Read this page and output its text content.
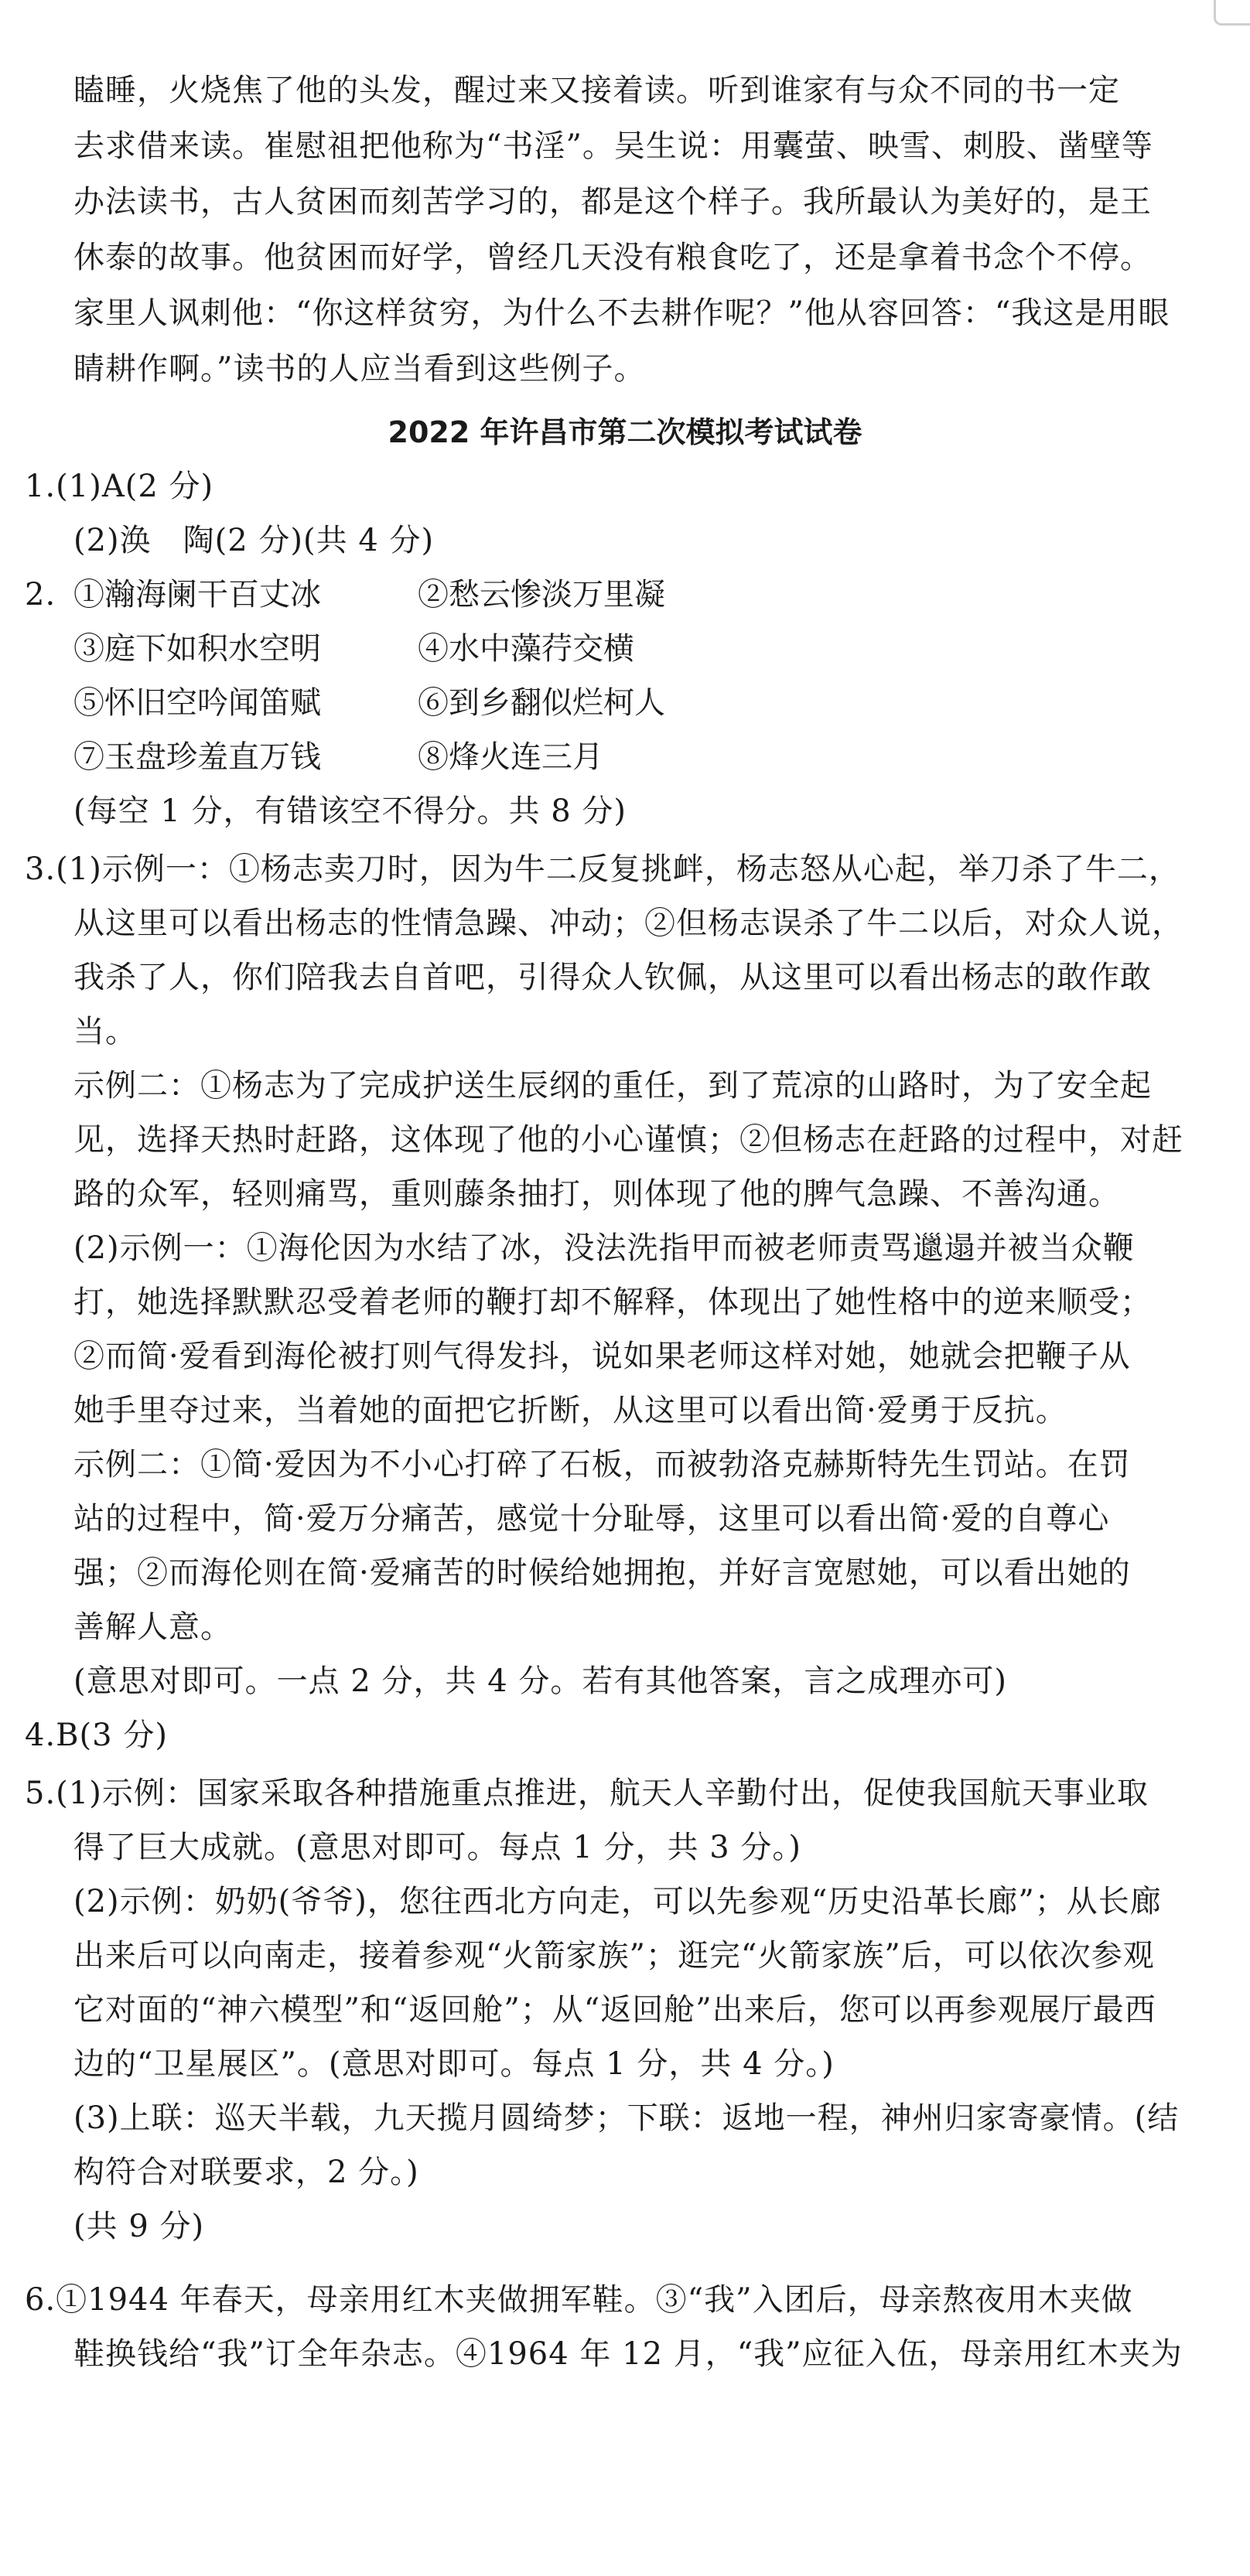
瞌睡，火烧焦了他的头发，醒过来又接着读。听到谁家有与众不同的书一定
去求借来读。崔慰祖把他称为“书淫”。吴生说：用囊萤、映雪、刺股、凿壁等
办法读书，古人贫困而刻苦学习的，都是这个样子。我所最认为美好的，是王
休泰的故事。他贫困而好学，曾经几天没有粮食吃了，还是拿着书念个不停。
家里人讽刺他：“你这样贫穷，为什么不去耕作呢？”他从容回答：“我这是用眼
睛耕作啊。”读书的人应当看到这些例子。
2022 年许昌市第二次模拟考试试卷
1.(1)A(2 分)
(2)涣　陶(2 分)(共 4 分)
2. ①瀚海阑干百丈冰	②愁云惨淡万里凝
③庭下如积水空明	④水中藻荇交横
⑤怀旧空吟闻笛赋	⑥到乡翻似烂柯人
⑦玉盘珍羞直万钱	⑧烽火连三月
(每空 1 分，有错该空不得分。共 8 分)
3.(1)示例一：①杨志卖刀时，因为牛二反复挑衅，杨志怒从心起，举刀杀了牛二，
从这里可以看出杨志的性情急躁、冲动；②但杨志误杀了牛二以后，对众人说，
我杀了人，你们陪我去自首吧，引得众人钦佩，从这里可以看出杨志的敢作敢
当。
示例二：①杨志为了完成护送生辰纲的重任，到了荒凉的山路时，为了安全起
见，选择天热时赶路，这体现了他的小心谨慎；②但杨志在赶路的过程中，对赶
路的众军，轻则痛骂，重则藤条抽打，则体现了他的脾气急躁、不善沟通。
(2)示例一：①海伦因为水结了冰，没法洗指甲而被老师责骂邋遢并被当众鞭
打，她选择默默忍受着老师的鞭打却不解释，体现出了她性格中的逆来顺受；
②而简·爱看到海伦被打则气得发抖，说如果老师这样对她，她就会把鞭子从
她手里夺过来，当着她的面把它折断，从这里可以看出简·爱勇于反抗。
示例二：①简·爱因为不小心打碎了石板，而被勃洛克赫斯特先生罚站。在罚
站的过程中，简·爱万分痛苦，感觉十分耻辱，这里可以看出简·爱的自尊心
强；②而海伦则在简·爱痛苦的时候给她拥抱，并好言宽慰她，可以看出她的
善解人意。
(意思对即可。一点 2 分，共 4 分。若有其他答案，言之成理亦可)
4.B(3 分)
5.(1)示例：国家采取各种措施重点推进，航天人辛勤付出，促使我国航天事业取
得了巨大成就。(意思对即可。每点 1 分，共 3 分。)
(2)示例：奶奶(爷爷)，您往西北方向走，可以先参观“历史沿革长廊”；从长廊
出来后可以向南走，接着参观“火箭家族”；逛完“火箭家族”后，可以依次参观
它对面的“神六模型”和“返回舱”；从“返回舱”出来后，您可以再参观展厅最西
边的“卫星展区”。(意思对即可。每点 1 分，共 4 分。)
(3)上联：巡天半载，九天揽月圆绮梦；下联：返地一程，神州归家寄豪情。(结
构符合对联要求，2 分。)
(共 9 分)
6.①1944 年春天，母亲用红木夹做拥军鞋。③“我”入团后，母亲熬夜用木夹做
鞋换钱给“我”订全年杂志。④1964 年 12 月，“我”应征入伍，母亲用红木夹为
